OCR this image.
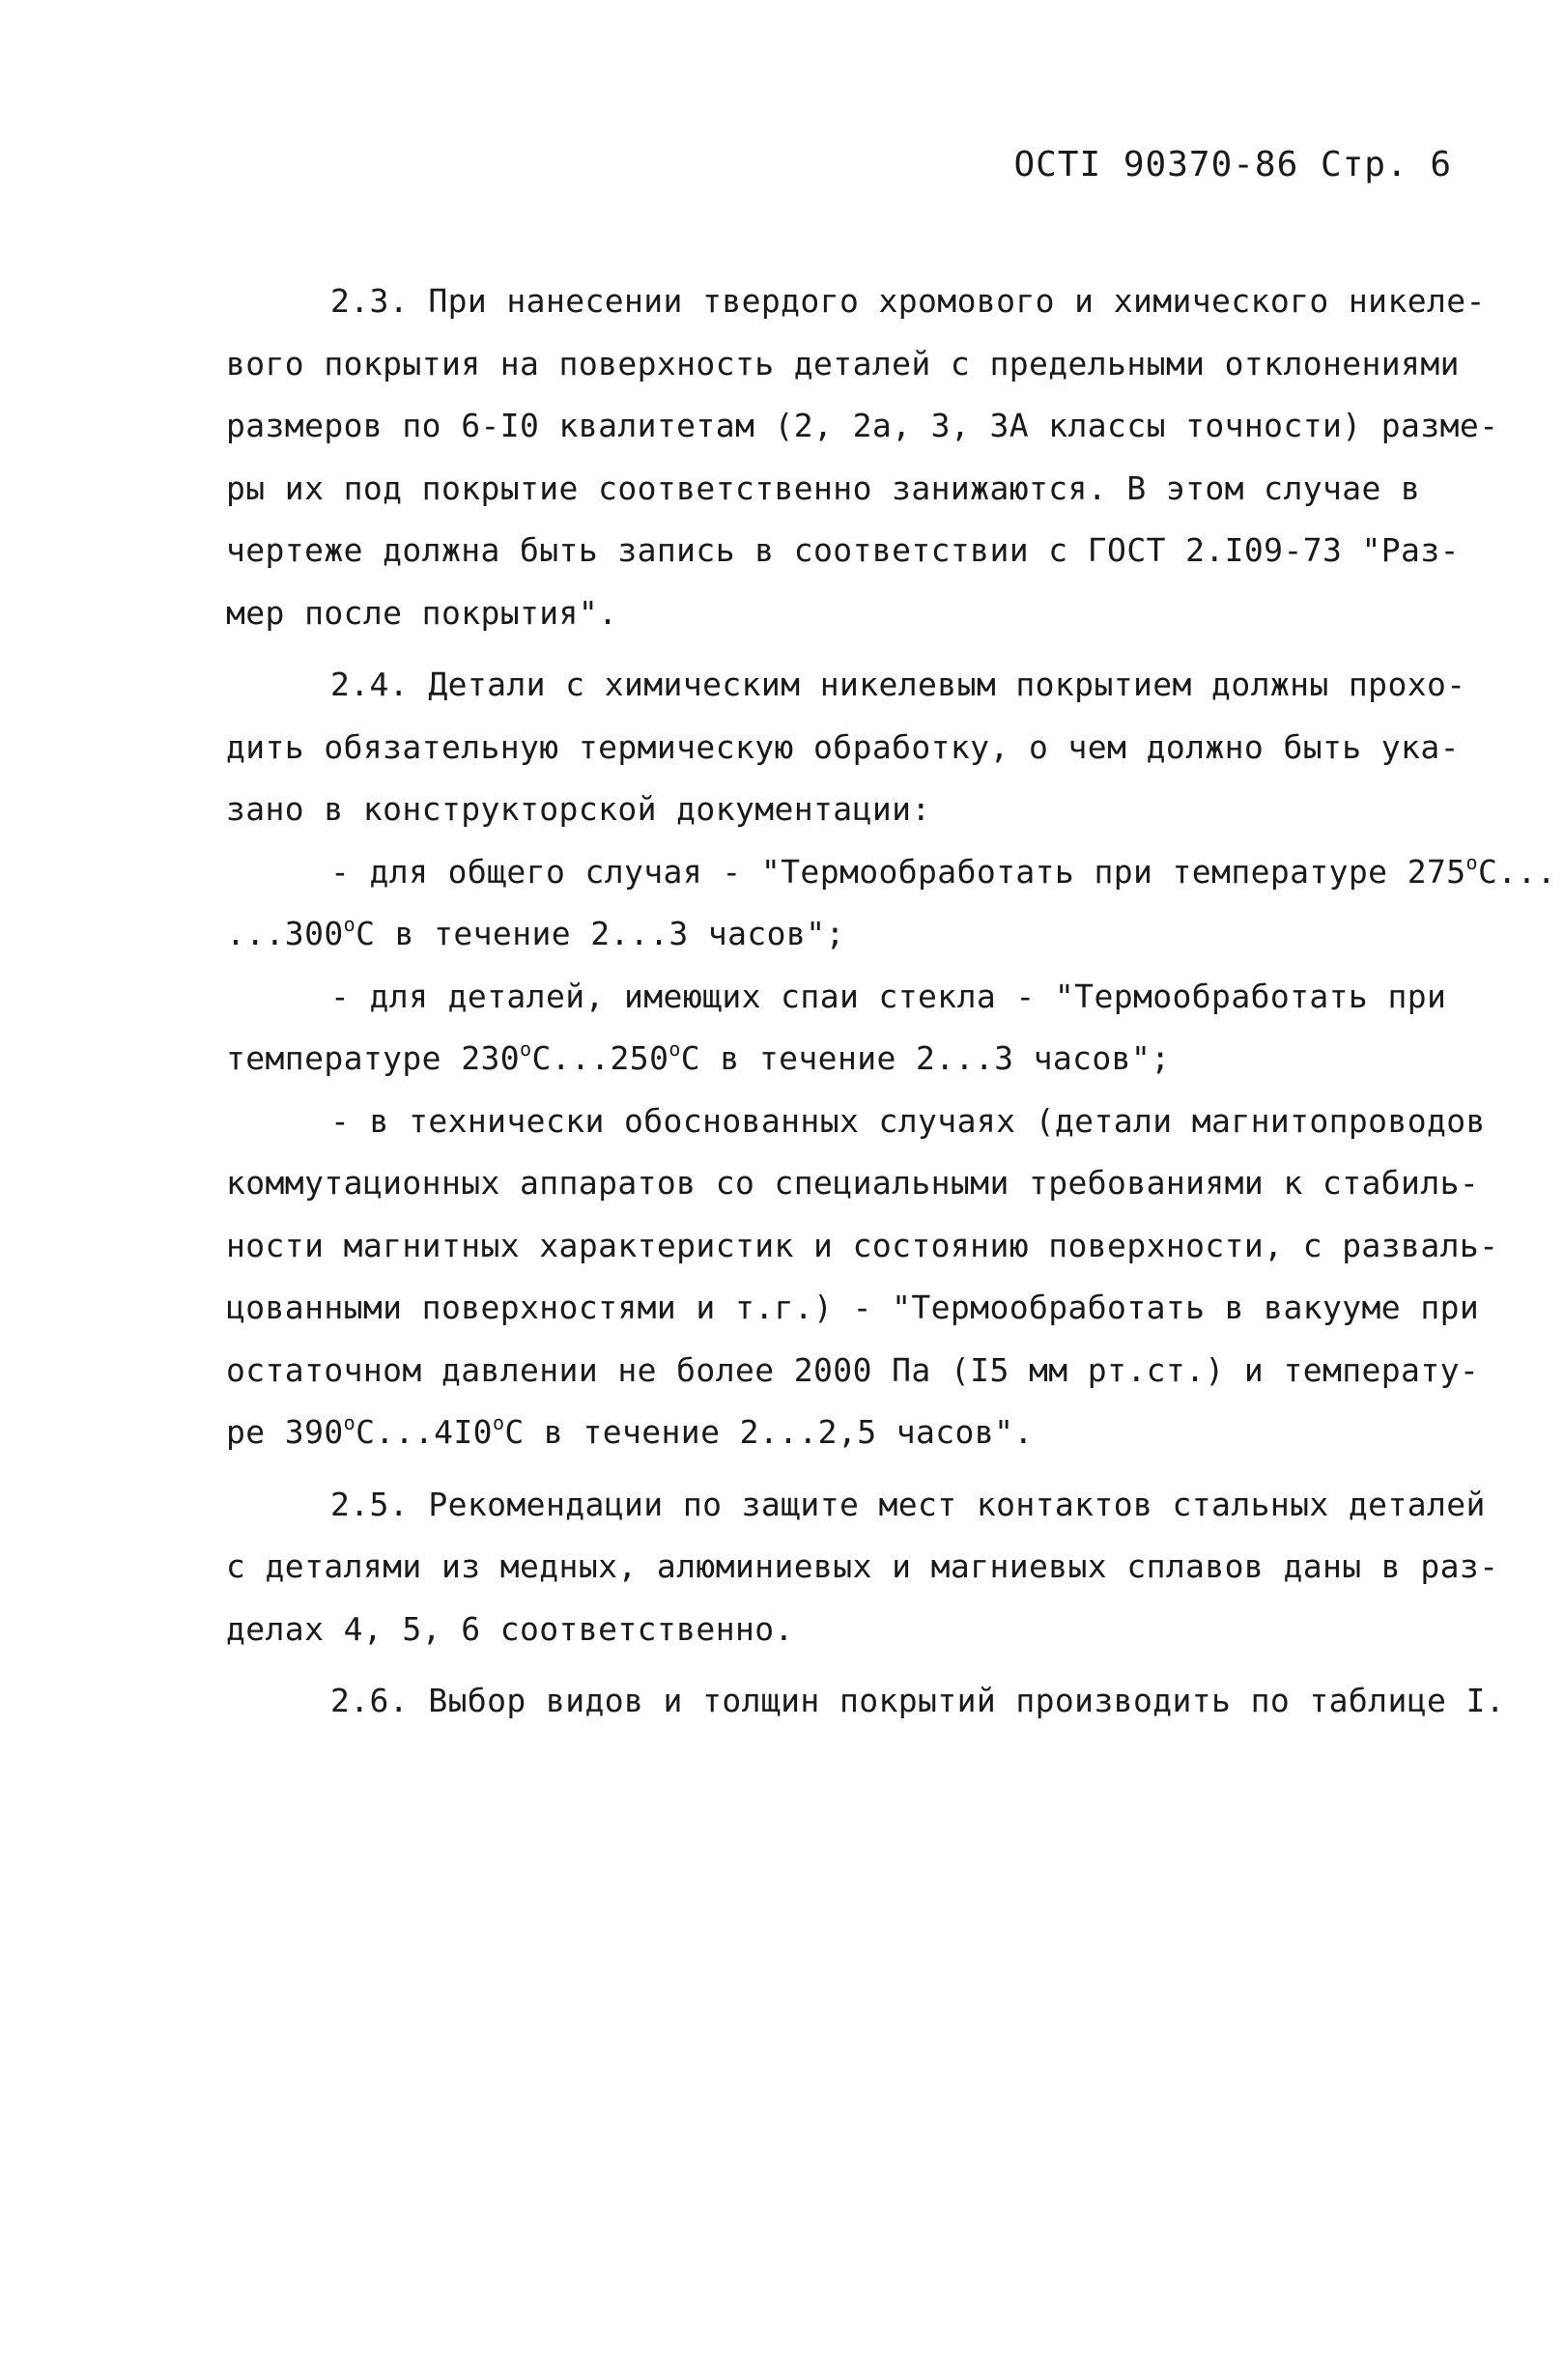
ОСТI 90370-86 Стр. 6
2.3. При нанесении твердого хромового и химического никеле-
вого покрытия на поверхность деталей с предельными отклонениями
размеров по 6-I0 квалитетам (2, 2а, 3, 3А классы точности) разме-
ры их под покрытие соответственно занижаются. В этом случае в
чертеже должна быть запись в соответствии с ГОСТ 2.I09-73 "Раз-
мер после покрытия".
2.4. Детали с химическим никелевым покрытием должны прохо-
дить обязательную термическую обработку, о чем должно быть ука-
зано в конструкторской документации:
- для общего случая - "Термообработать при температуре $275^оС$...
$...300^оС$ в течение 2...3 часов";
- для деталей, имеющих спаи стекла - "Термообработать при
температуре $230^оС...250^оС$ в течение 2...3 часов";
- в технически обоснованных случаях (детали магнитопроводов
коммутационных аппаратов со специальными требованиями к стабиль-
ности магнитных характеристик и состоянию поверхности, с разваль-
цованными поверхностями и т.г.) - "Термообработать в вакууме при
остаточном давлении не более 2000 Па (I5 мм рт.ст.) и температу-
ре $390^оС...4I0^оС$ в течение 2...2,5 часов".
2.5. Рекомендации по защите мест контактов стальных деталей
с деталями из медных, алюминиевых и магниевых сплавов даны в раз-
делах 4, 5, 6 соответственно.
2.6. Выбор видов и толщин покрытий производить по таблице I.
